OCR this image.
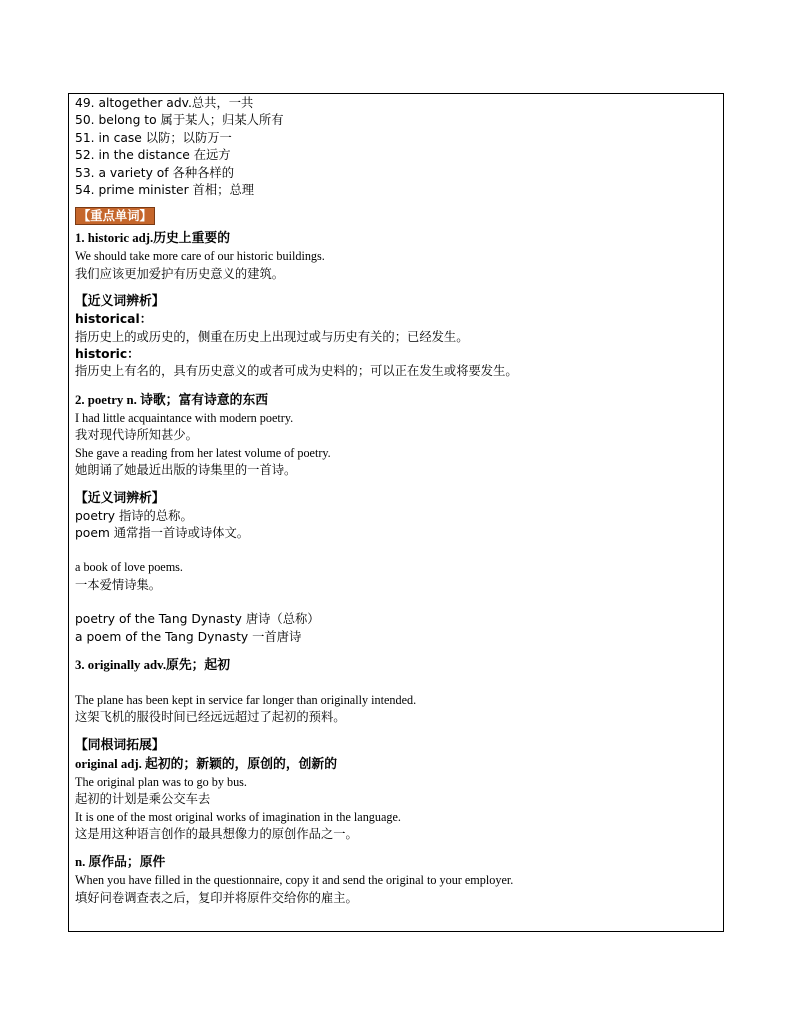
49. altogether adv.总共，一共
50. belong to 属于某人；归某人所有
51. in case 以防；以防万一
52. in the distance 在远方
53. a variety of 各种各样的
54. prime minister 首相；总理
【重点单词】
1. historic adj.历史上重要的
We should take more care of our historic buildings.
我们应该更加爱护有历史意义的建筑。
【近义词辨析】
historical：
指历史上的或历史的，侧重在历史上出现过或与历史有关的；已经发生。
historic：
指历史上有名的，具有历史意义的或者可成为史料的；可以正在发生或将要发生。
2. poetry n. 诗歌；富有诗意的东西
I had little acquaintance with modern poetry.
我对现代诗所知甚少。
She gave a reading from her latest volume of poetry.
她朗诵了她最近出版的诗集里的一首诗。
【近义词辨析】
poetry 指诗的总称。
poem 通常指一首诗或诗体文。
a book of love poems.
一本爱情诗集。
poetry of the Tang Dynasty 唐诗（总称）
a poem of the Tang Dynasty 一首唐诗
3. originally adv.原先；起初
The plane has been kept in service far longer than originally intended.
这架飞机的服役时间已经远远超过了起初的预料。
【同根词拓展】
original adj. 起初的；新颖的，原创的，创新的
The original plan was to go by bus.
起初的计划是乘公交车去
It is one of the most original works of imagination in the language.
这是用这种语言创作的最具想像力的原创作品之一。
n. 原作品；原件
When you have filled in the questionnaire, copy it and send the original to your employer.
填好问卷调查表之后，复印并将原件交给你的雇主。
